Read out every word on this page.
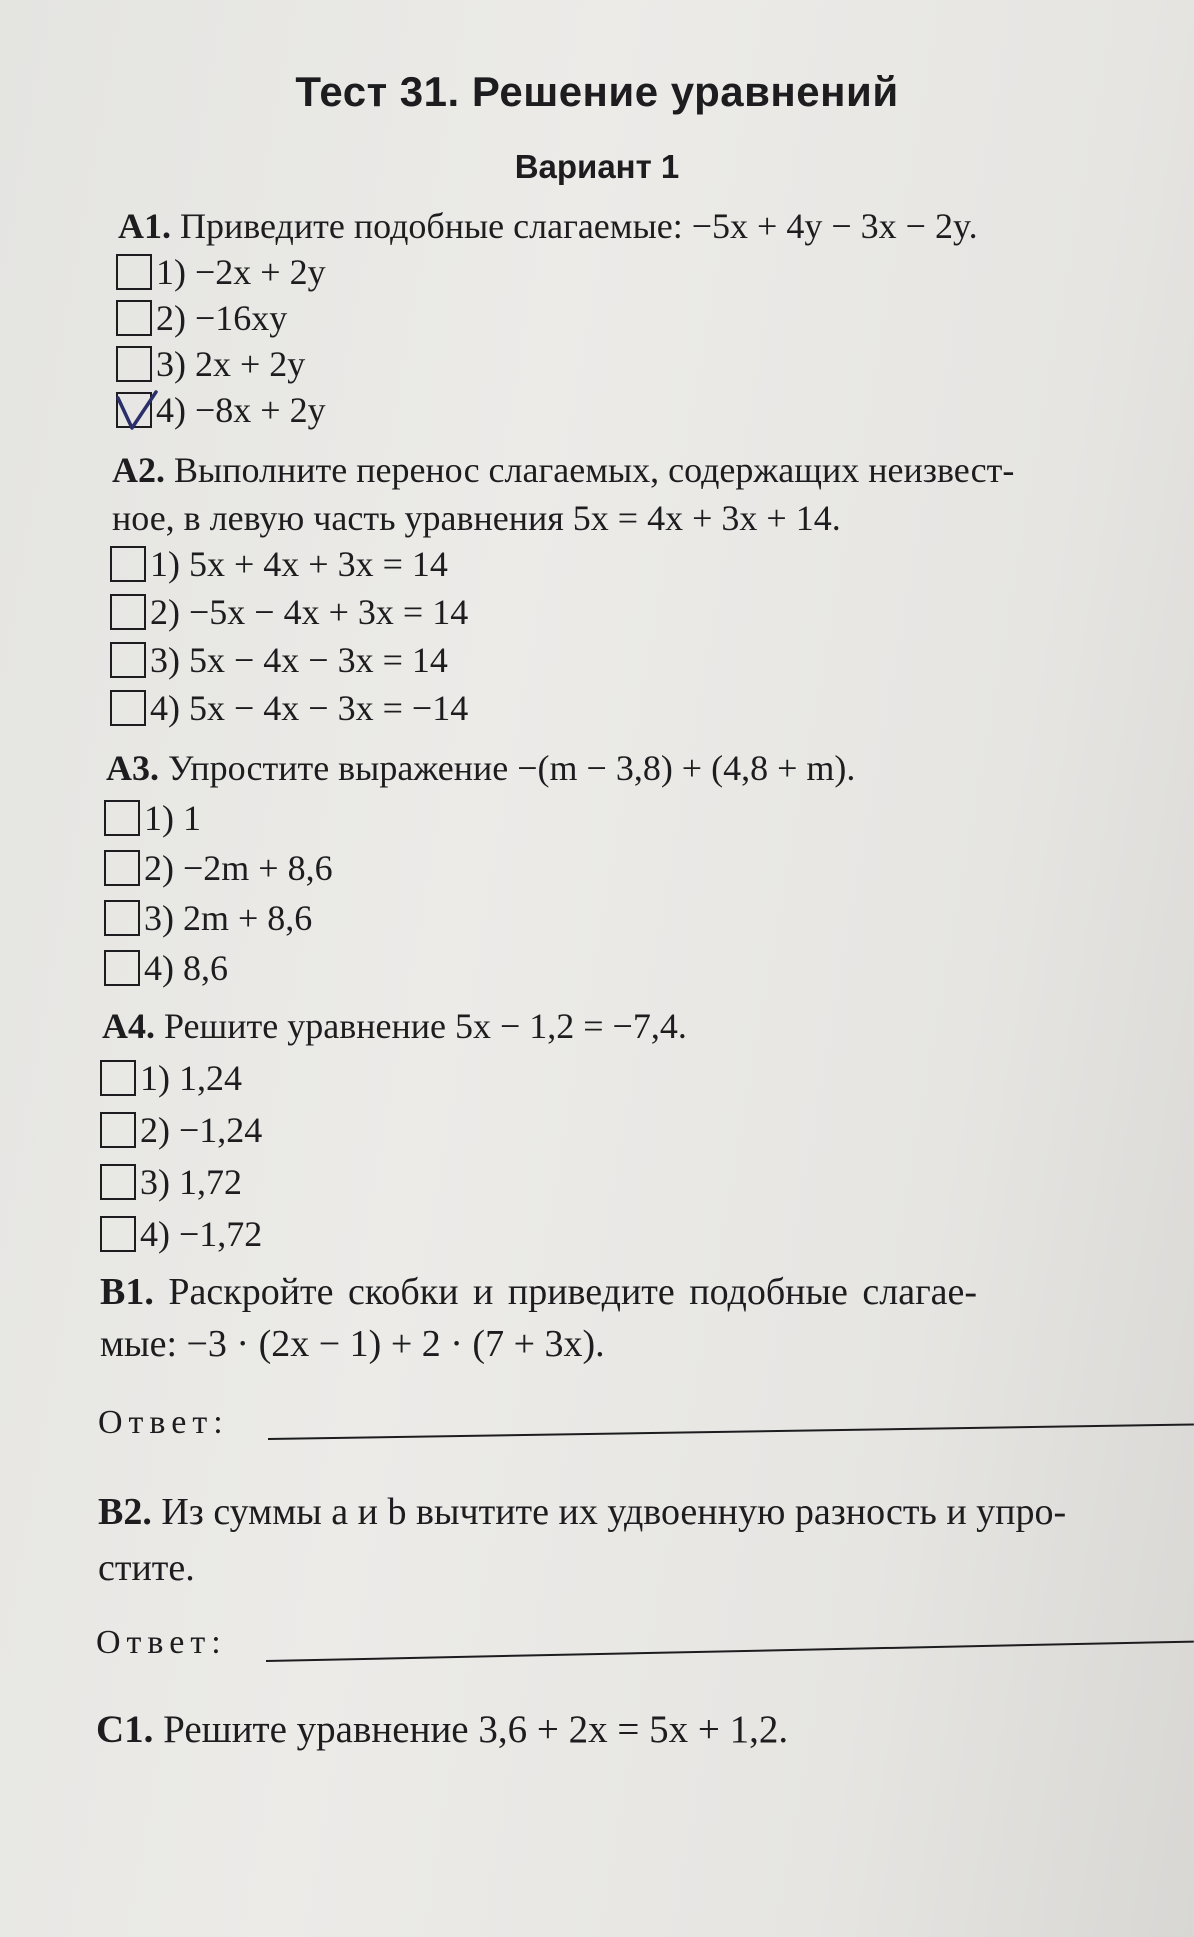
Тест 31. Решение уравнений
Вариант 1
А1. Приведите подобные слагаемые: −5x + 4y − 3x − 2y.
1) −2x + 2y
2) −16xy
3) 2x + 2y
4) −8x + 2y
А2. Выполните перенос слагаемых, содержащих неизвест-
ное, в левую часть уравнения 5x = 4x + 3x + 14.
1) 5x + 4x + 3x = 14
2) −5x − 4x + 3x = 14
3) 5x − 4x − 3x = 14
4) 5x − 4x − 3x = −14
А3. Упростите выражение −(m − 3,8) + (4,8 + m).
1) 1
2) −2m + 8,6
3) 2m + 8,6
4) 8,6
А4. Решите уравнение 5x − 1,2 = −7,4.
1) 1,24
2) −1,24
3) 1,72
4) −1,72
В1. Раскройте скобки и приведите подобные слагае-
мые: −3 · (2x − 1) + 2 · (7 + 3x).
Ответ:
В2. Из суммы a и b вычтите их удвоенную разность и упро-
стите.
Ответ:
С1. Решите уравнение 3,6 + 2x = 5x + 1,2.
